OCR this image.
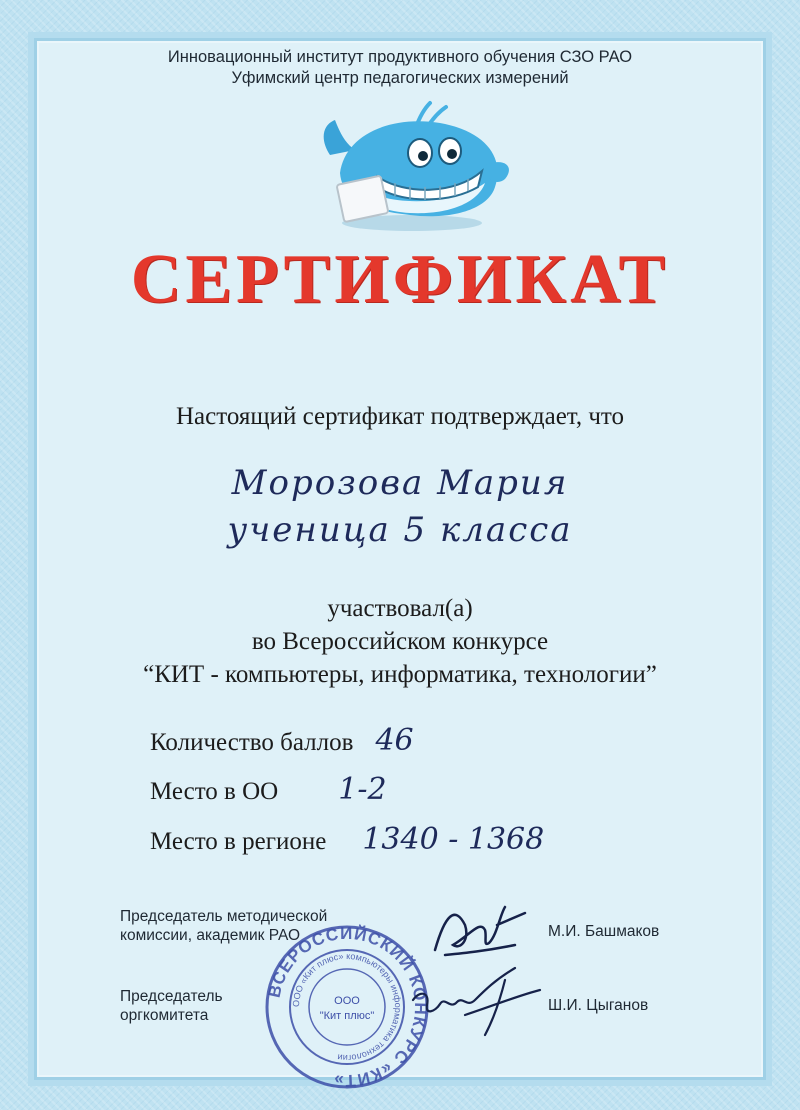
Инновационный институт продуктивного обучения СЗО РАО
Уфимский центр педагогических измерений
СЕРТИФИКАТ
Настоящий сертификат подтверждает, что
Морозова Мария
ученица 5 класса
участвовал(а)
во Всероссийском конкурсе
“КИТ - компьютеры, информатика, технологии”
Количество баллов 46
Место в ОО 1-2
Место в регионе 1340 - 1368
Председатель методической
комиссии, академик РАО	М.И. Башмаков
Председатель
оргкомитета
Ш.И. Цыганов
ВСЕРОССИЙСКИЙ КОНКУРС «КИТ»
ООО «Кит плюс» компьютеры информатика технологии
ООО
"Кит плюс"
